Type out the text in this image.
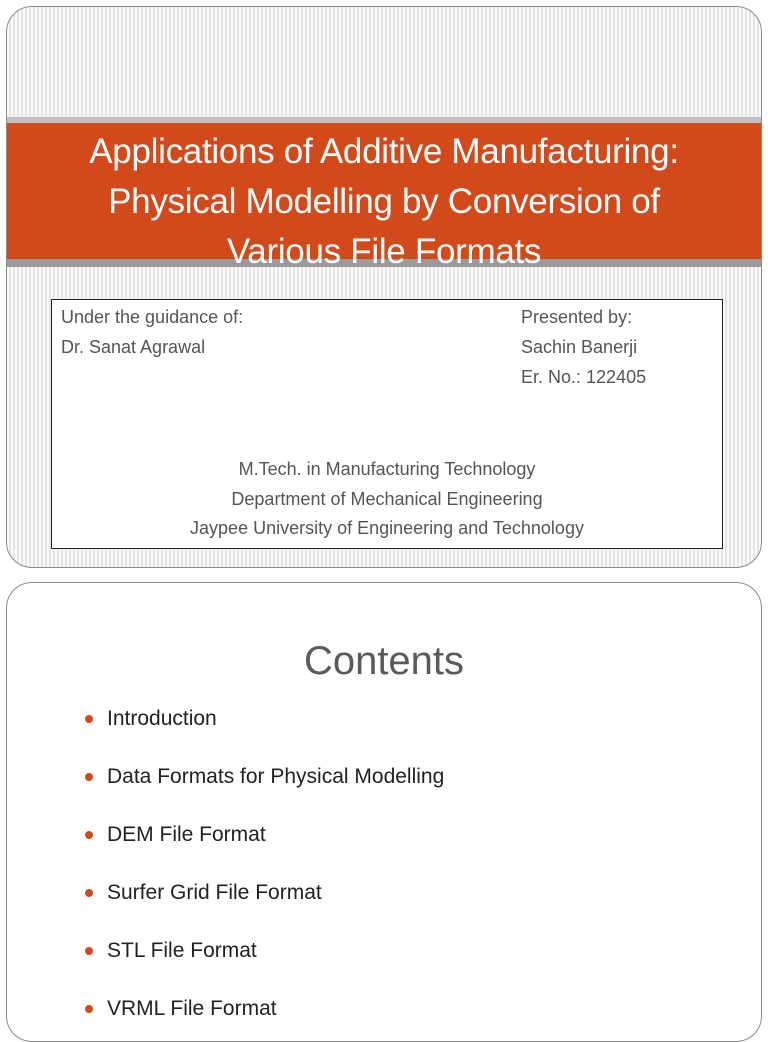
Applications of Additive Manufacturing:
Physical Modelling by Conversion of
Various File Formats
Under the guidance of:
Dr. Sanat Agrawal
Presented by:
Sachin Banerji
Er. No.: 122405
M.Tech. in Manufacturing Technology
Department of Mechanical Engineering
Jaypee University of Engineering and Technology
Contents
Introduction
Data Formats for Physical Modelling
DEM File Format
Surfer Grid File Format
STL File Format
VRML File Format
